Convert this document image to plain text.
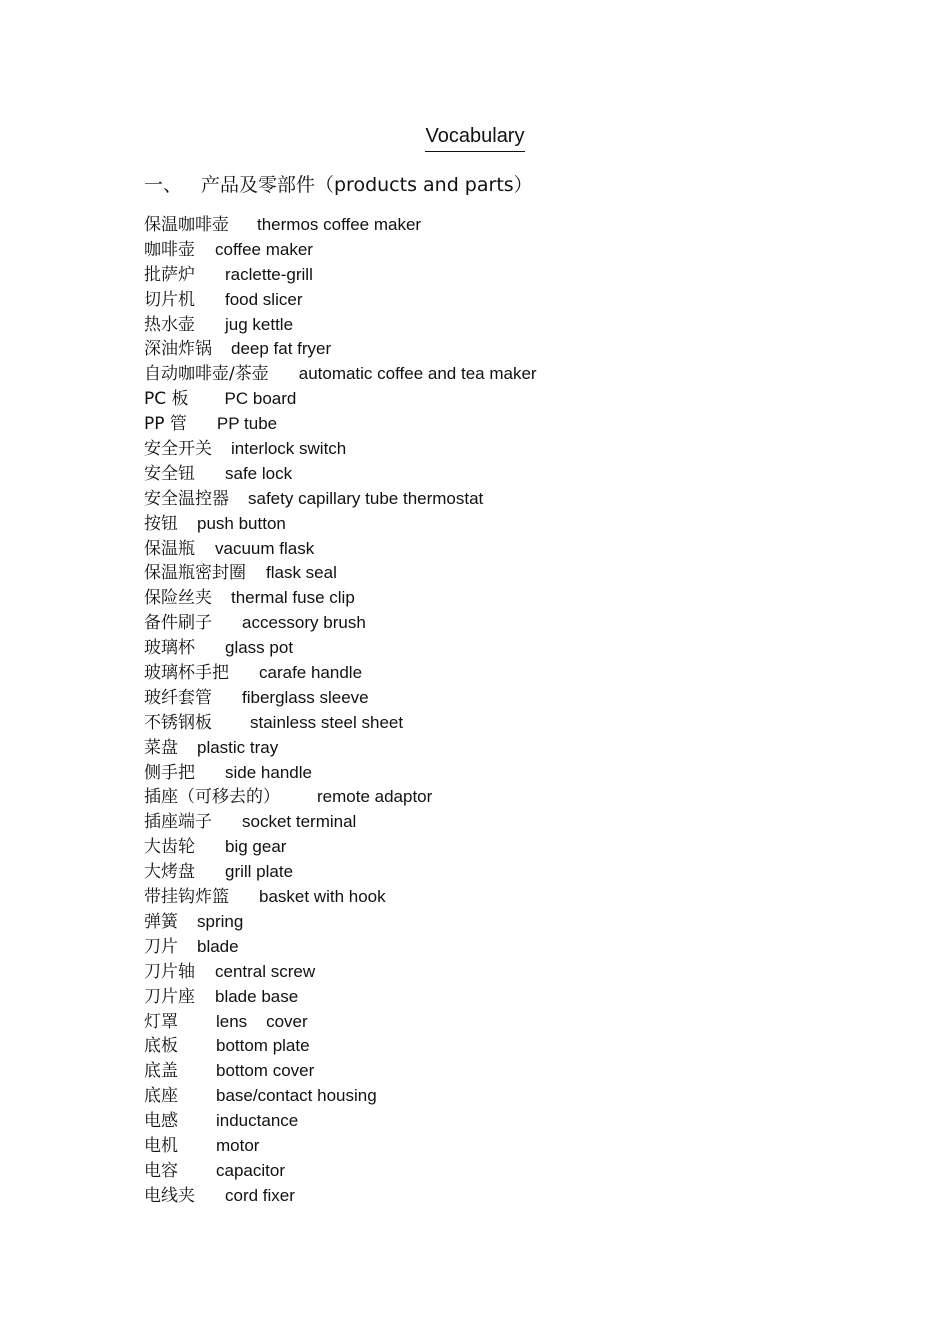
Vocabulary
一、 产品及零部件（products and parts）
保温咖啡壶 thermos coffee maker
咖啡壶 coffee maker
批萨炉 raclette-grill
切片机 food slicer
热水壶 jug kettle
深油炸锅 deep fat fryer
自动咖啡壶/茶壶 automatic coffee and tea maker
PC 板 PC board
PP 管 PP tube
安全开关 interlock switch
安全钮 safe lock
安全温控器 safety capillary tube thermostat
按钮 push button
保温瓶 vacuum flask
保温瓶密封圈 flask seal
保险丝夹 thermal fuse clip
备件刷子 accessory brush
玻璃杯 glass pot
玻璃杯手把 carafe handle
玻纤套管 fiberglass sleeve
不锈钢板 stainless steel sheet
菜盘 plastic tray
侧手把 side handle
插座（可移去的） remote adaptor
插座端子 socket terminal
大齿轮 big gear
大烤盘 grill plate
带挂钩炸篮 basket with hook
弹簧 spring
刀片 blade
刀片轴 central screw
刀片座 blade base
灯罩 lens    cover
底板 bottom plate
底盖 bottom cover
底座 base/contact housing
电感 inductance
电机 motor
电容 capacitor
电线夹 cord fixer
